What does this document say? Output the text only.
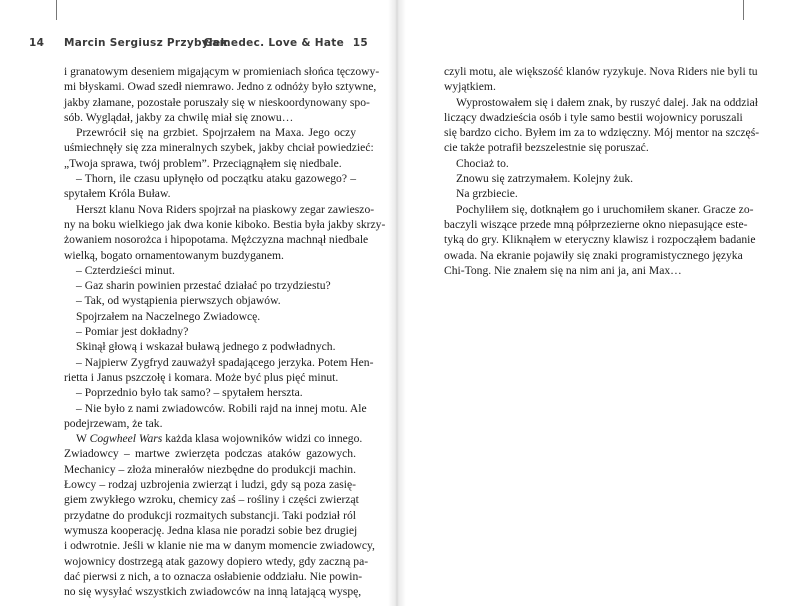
14 Marcin Sergiusz Przybyłek
i granatowym deseniem migającym w promieniach słońca tęczowy-
mi błyskami. Owad szedł niemrawo. Jedno z odnóży było sztywne,
jakby złamane, pozostałe poruszały się w nieskoordynowany spo-
sób. Wyglądał, jakby za chwilę miał się znowu…
Przewrócił się na grzbiet. Spojrzałem na Maxa. Jego oczy
uśmiechnęły się zza mineralnych szybek, jakby chciał powiedzieć:
„Twoja sprawa, twój problem”. Przeciągnąłem się niedbale.
– Thorn, ile czasu upłynęło od początku ataku gazowego? –
spytałem Króla Buław.
Herszt klanu Nova Riders spojrzał na piaskowy zegar zawieszo-
ny na boku wielkiego jak dwa konie kiboko. Bestia była jakby skrzy-
żowaniem nosorożca i hipopotama. Mężczyzna machnął niedbale
wielką, bogato ornamentowanym buzdyganem.
– Czterdzieści minut.
– Gaz sharin powinien przestać działać po trzydziestu?
– Tak, od wystąpienia pierwszych objawów.
Spojrzałem na Naczelnego Zwiadowcę.
– Pomiar jest dokładny?
Skinął głową i wskazał buławą jednego z podwładnych.
– Najpierw Zygfryd zauważył spadającego jerzyka. Potem Hen-
rietta i Janus pszczołę i komara. Może być plus pięć minut.
– Poprzednio było tak samo? – spytałem herszta.
– Nie było z nami zwiadowców. Robili rajd na innej motu. Ale
podejrzewam, że tak.
W Cogwheel Wars każda klasa wojowników widzi co innego.
Zwiadowcy – martwe zwierzęta podczas ataków gazowych.
Mechanicy – złoża minerałów niezbędne do produkcji machin.
Łowcy – rodzaj uzbrojenia zwierząt i ludzi, gdy są poza zasię-
giem zwykłego wzroku, chemicy zaś – rośliny i części zwierząt
przydatne do produkcji rozmaitych substancji. Taki podział ról
wymusza kooperację. Jedna klasa nie poradzi sobie bez drugiej
i odwrotnie. Jeśli w klanie nie ma w danym momencie zwiadowcy,
wojownicy dostrzegą atak gazowy dopiero wtedy, gdy zaczną pa-
dać pierwsi z nich, a to oznacza osłabienie oddziału. Nie powin-
no się wysyłać wszystkich zwiadowców na inną latającą wyspę,
Gamedec. Love & Hate 15
czyli motu, ale większość klanów ryzykuje. Nova Riders nie byli tu
wyjątkiem.
Wyprostowałem się i dałem znak, by ruszyć dalej. Jak na oddział
liczący dwadzieścia osób i tyle samo bestii wojownicy poruszali
się bardzo cicho. Byłem im za to wdzięczny. Mój mentor na szczęś-
cie także potrafił bezszelestnie się poruszać.
Chociaż to.
Znowu się zatrzymałem. Kolejny żuk.
Na grzbiecie.
Pochyliłem się, dotknąłem go i uruchomiłem skaner. Gracze zo-
baczyli wiszące przede mną półprzezierne okno niepasujące este-
tyką do gry. Kliknąłem w eteryczny klawisz i rozpocząłem badanie
owada. Na ekranie pojawiły się znaki programistycznego języka
Chi-Tong. Nie znałem się na nim ani ja, ani Max…
